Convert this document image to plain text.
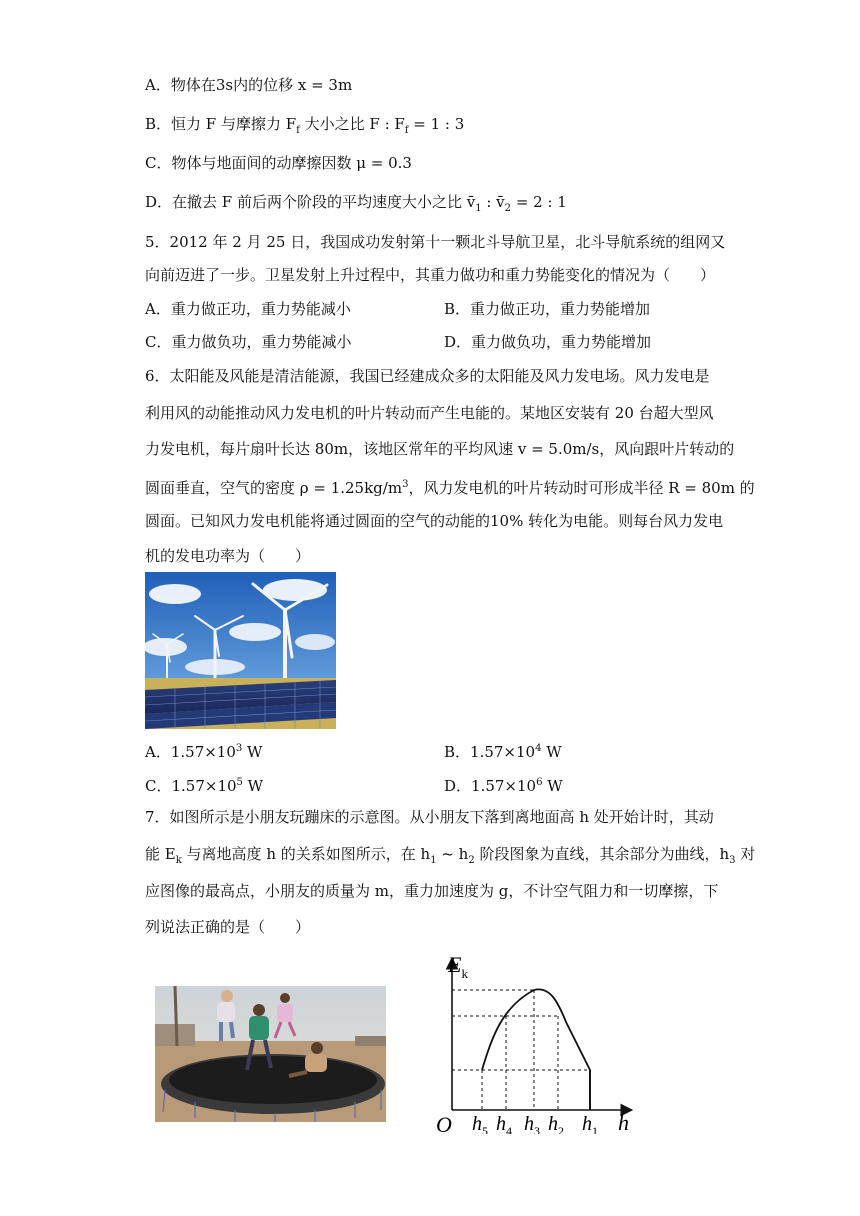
A．物体在3s内的位移 x = 3m
B．恒力 F 与摩擦力 $F_f$ 大小之比 F : $F_f = 1$ : 3
C．物体与地面间的动摩擦因数 μ = 0.3
D．在撤去 F 前后两个阶段的平均速度大小之比 $v̄_1$ : $v̄_2 = 2$ : 1
5．2012 年 2 月 25 日，我国成功发射第十一颗北斗导航卫星，北斗导航系统的组网又
向前迈进了一步。卫星发射上升过程中，其重力做功和重力势能变化的情况为（　　）
A．重力做正功，重力势能减小	B．重力做正功，重力势能增加
C．重力做负功，重力势能减小	D．重力做负功，重力势能增加
6．太阳能及风能是清洁能源，我国已经建成众多的太阳能及风力发电场。风力发电是
利用风的动能推动风力发电机的叶片转动而产生电能的。某地区安装有 20 台超大型风
力发电机，每片扇叶长达 80m，该地区常年的平均风速 v = 5.0m/s，风向跟叶片转动的
圆面垂直，空气的密度 $\rho = 1.25kg/m^3$，风力发电机的叶片转动时可形成半径 R = 80m 的
圆面。已知风力发电机能将通过圆面的空气的动能的10% 转化为电能。则每台风力发电
机的发电功率为（　　）
A．$1.57\times 10^3$ W	B．$1.57\times 10^4$ W
C．$1.57\times 10^5$ W	D．$1.57\times 10^6$ W
7．如图所示是小朋友玩蹦床的示意图。从小朋友下落到离地面高 h 处开始计时，其动
能 $E_k$ 与离地高度 h 的关系如图所示，在 $h_1$ ~ $h_2$ 阶段图象为直线，其余部分为曲线，$h_3$ 对
应图像的最高点，小朋友的质量为 m，重力加速度为 g，不计空气阻力和一切摩擦，下
列说法正确的是（　　）
$E_k$
O	h
$h_5$ $h_4$ $h_3$ $h_2$ $h_1$
